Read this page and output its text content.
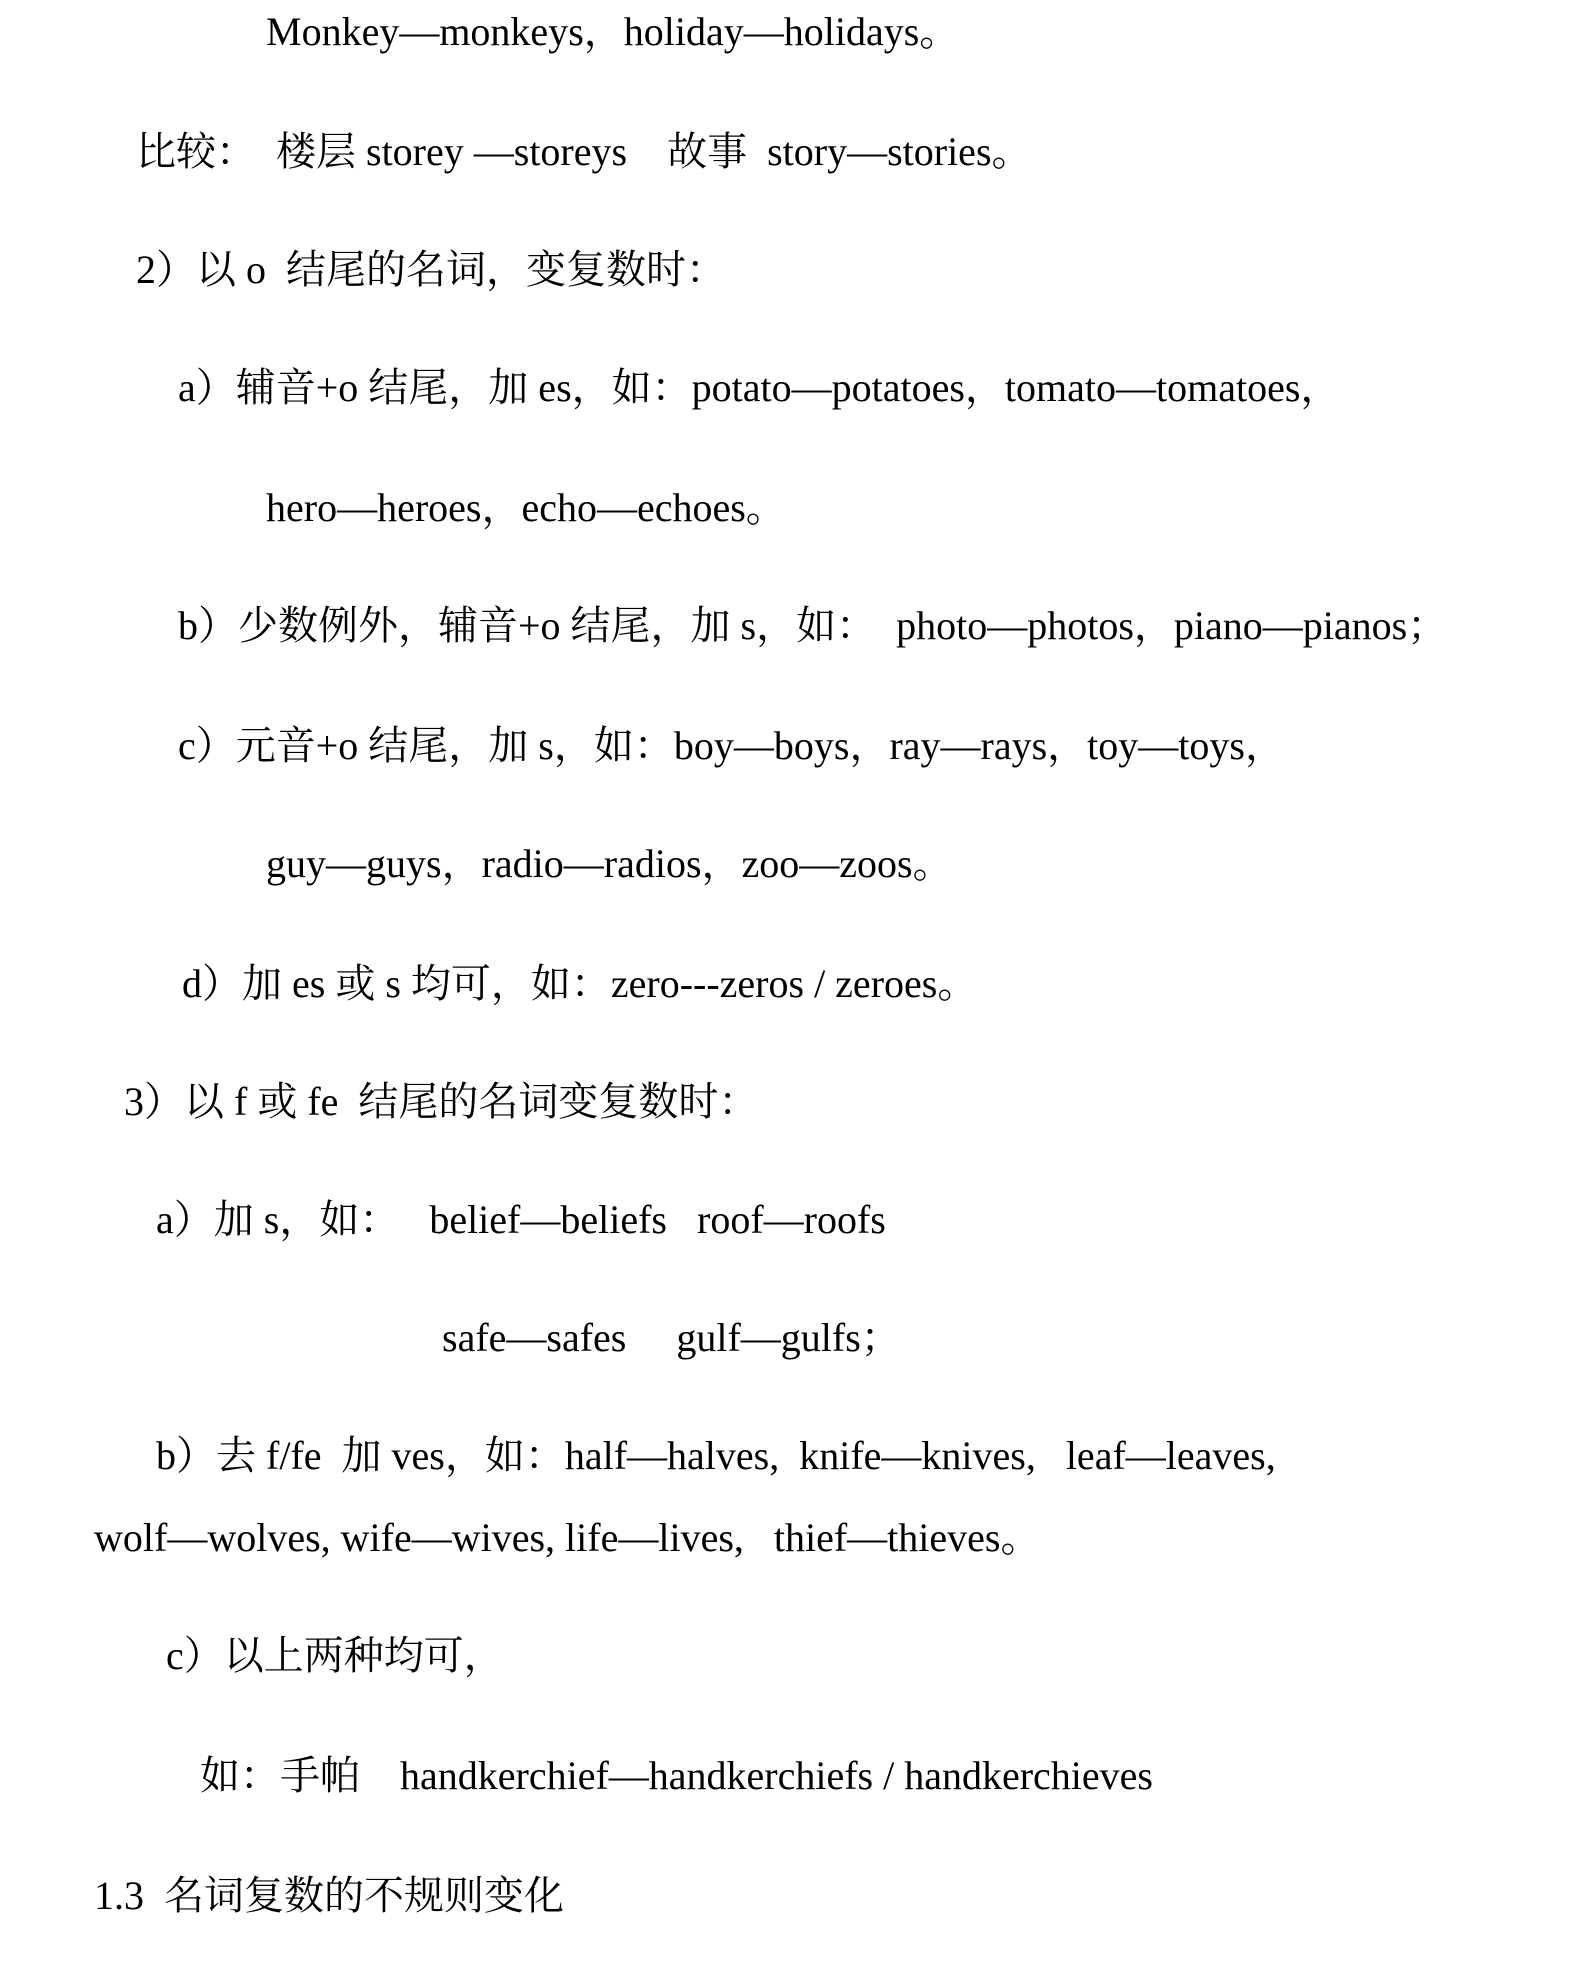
Monkey—monkeys，holiday—holidays。
比较：  楼层 storey —storeys    故事  story—stories。
2）以 o  结尾的名词，变复数时：
a）辅音+o 结尾，加 es，如：potato—potatoes，tomato—tomatoes，
hero—heroes，echo—echoes。
b）少数例外，辅音+o 结尾，加 s，如：  photo—photos，piano—pianos；
c）元音+o 结尾，加 s，如：boy—boys，ray—rays，toy—toys，
guy—guys，radio—radios，zoo—zoos。
d）加 es 或 s 均可，如：zero---zeros / zeroes。
3）以 f 或 fe  结尾的名词变复数时：
a）加 s，如：   belief—beliefs   roof—roofs
safe—safes     gulf—gulfs；
b）去 f/fe  加 ves，如：half—halves,  knife—knives,   leaf—leaves,
wolf—wolves, wife—wives, life—lives,   thief—thieves。
c）以上两种均可，
如：手帕    handkerchief—handkerchiefs / handkerchieves
1.3  名词复数的不规则变化
